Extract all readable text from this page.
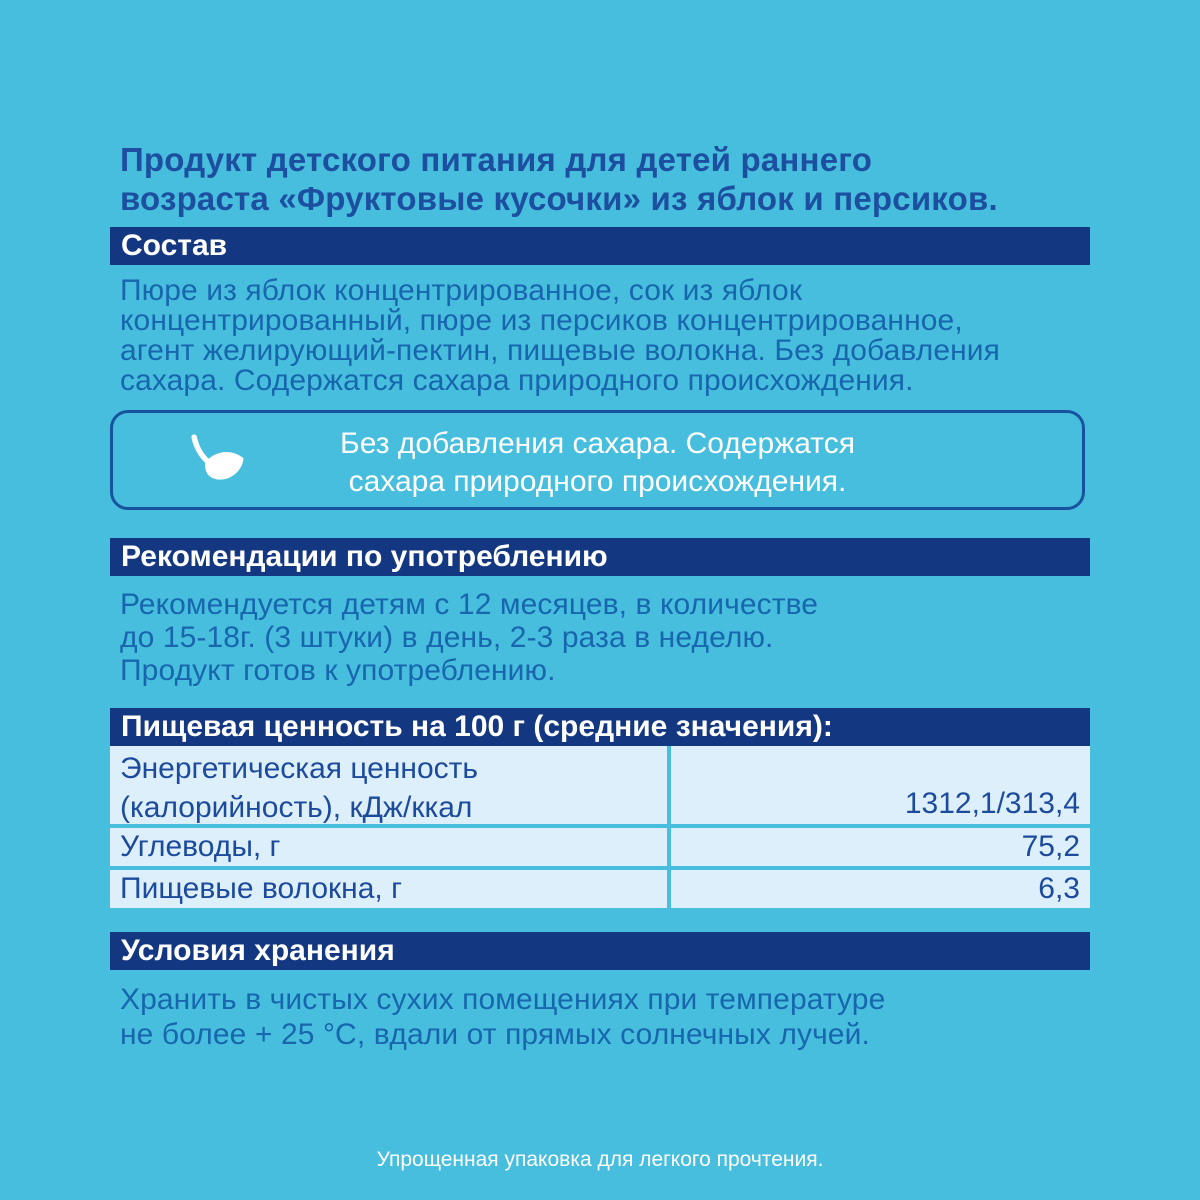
Продукт детского питания для детей раннего
возраста «Фруктовые кусочки» из яблок и персиков.
Состав
Пюре из яблок концентрированное, сок из яблок
концентрированный, пюре из персиков концентрированное,
агент желирующий-пектин, пищевые волокна. Без добавления
сахара. Содержатся сахара природного происхождения.
Без добавления сахара. Содержатся
сахара природного происхождения.
Рекомендации по употреблению
Рекомендуется детям с 12 месяцев, в количестве
до 15-18г. (3 штуки) в день, 2-3 раза в неделю.
Продукт готов к употреблению.
Пищевая ценность на 100 г (средние значения):
Энергетическая ценность
(калорийность), кДж/ккал	1312,1/313,4
Углеводы, г	75,2
Пищевые волокна, г	6,3
Условия хранения
Хранить в чистых сухих помещениях при температуре
не более + 25 °С, вдали от прямых солнечных лучей.
Упрощенная упаковка для легкого прочтения.
